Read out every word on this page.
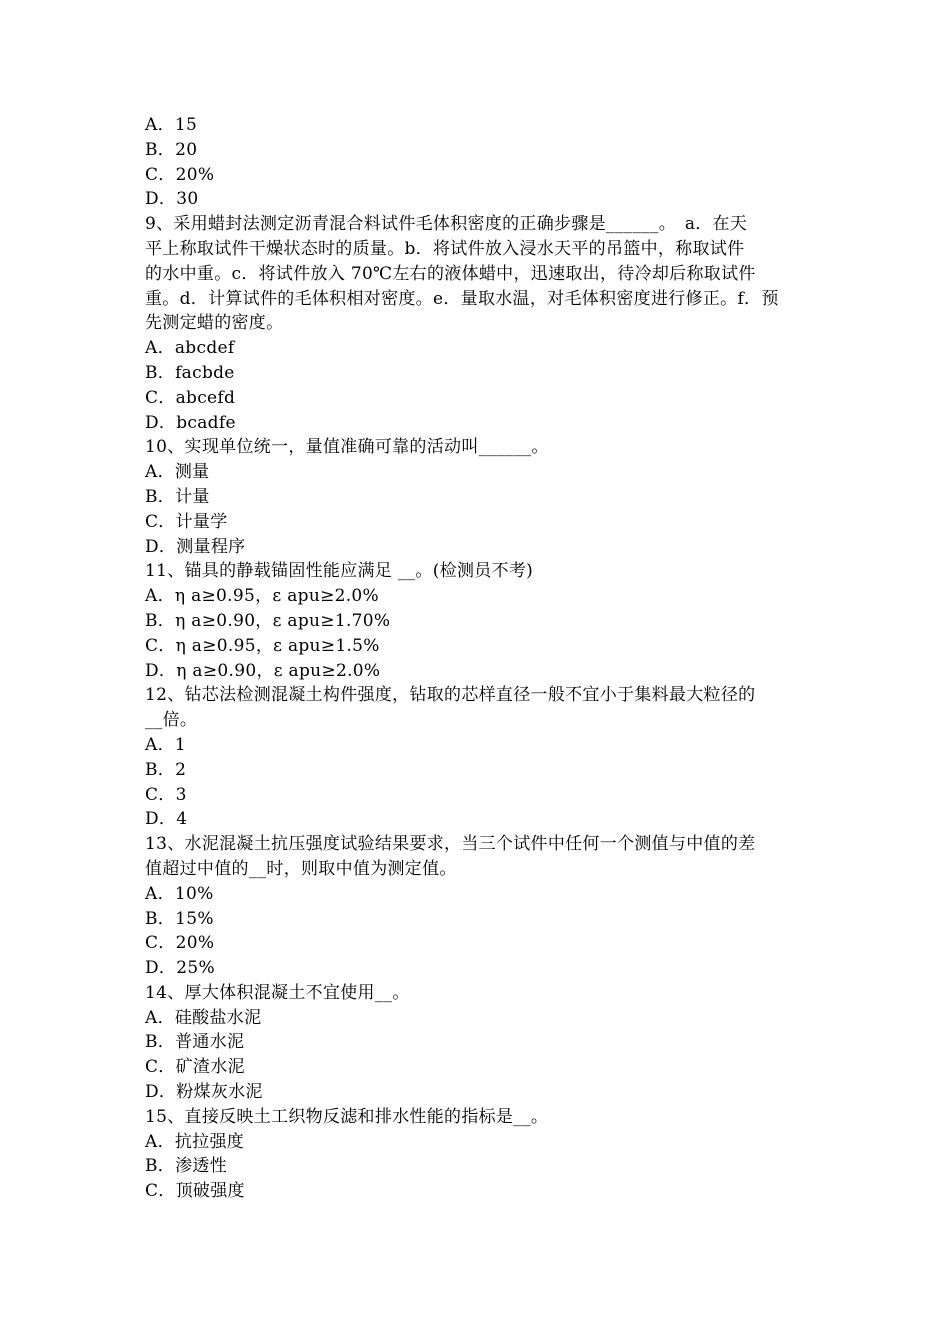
A．15
B．20
C．20%
D．30
9、采用蜡封法测定沥青混合料试件毛体积密度的正确步骤是______。　a．在天
平上称取试件干燥状态时的质量。b．将试件放入浸水天平的吊篮中，称取试件
的水中重。c．将试件放入 70℃左右的液体蜡中，迅速取出，待冷却后称取试件
重。d．计算试件的毛体积相对密度。e．量取水温，对毛体积密度进行修正。f．预
先测定蜡的密度。
A．abcdef
B．facbde
C．abcefd
D．bcadfe
10、实现单位统一，量值准确可靠的活动叫______。
A．测量
B．计量
C．计量学
D．测量程序
11、锚具的静载锚固性能应满足 __。(检测员不考)
A．η a≥0.95，ε apu≥2.0%
B．η a≥0.90，ε apu≥1.70%
C．η a≥0.95，ε apu≥1.5%
D．η a≥0.90，ε apu≥2.0%
12、钻芯法检测混凝土构件强度，钻取的芯样直径一般不宜小于集料最大粒径的
__倍。
A．1
B．2
C．3
D．4
13、水泥混凝土抗压强度试验结果要求，当三个试件中任何一个测值与中值的差
值超过中值的__时，则取中值为测定值。
A．10%
B．15%
C．20%
D．25%
14、厚大体积混凝土不宜使用__。
A．硅酸盐水泥
B．普通水泥
C．矿渣水泥
D．粉煤灰水泥
15、直接反映土工织物反滤和排水性能的指标是__。
A．抗拉强度
B．渗透性
C．顶破强度
